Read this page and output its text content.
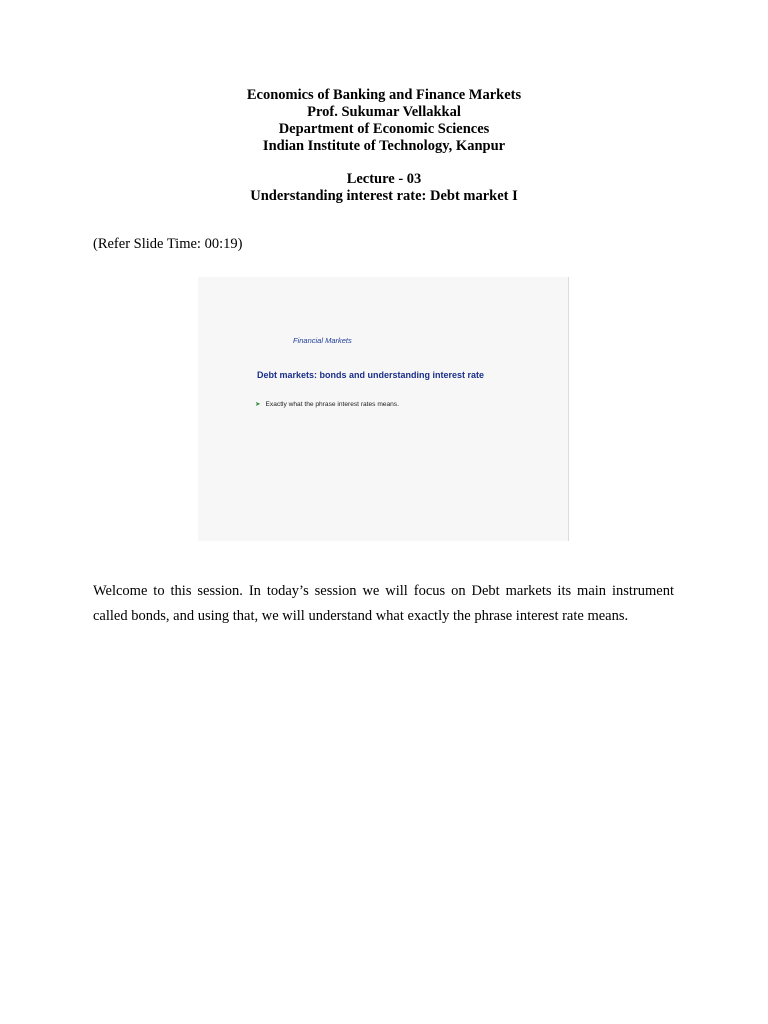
Economics of Banking and Finance Markets
Prof. Sukumar Vellakkal
Department of Economic Sciences
Indian Institute of Technology, Kanpur
Lecture - 03
Understanding interest rate: Debt market I
(Refer Slide Time: 00:19)
Financial Markets
Debt markets: bonds and understanding interest rate
➤ Exactly what the phrase interest rates means.

Welcome to this session. In today’s session we will focus on Debt markets its main instrument called bonds, and using that, we will understand what exactly the phrase interest rate means.
